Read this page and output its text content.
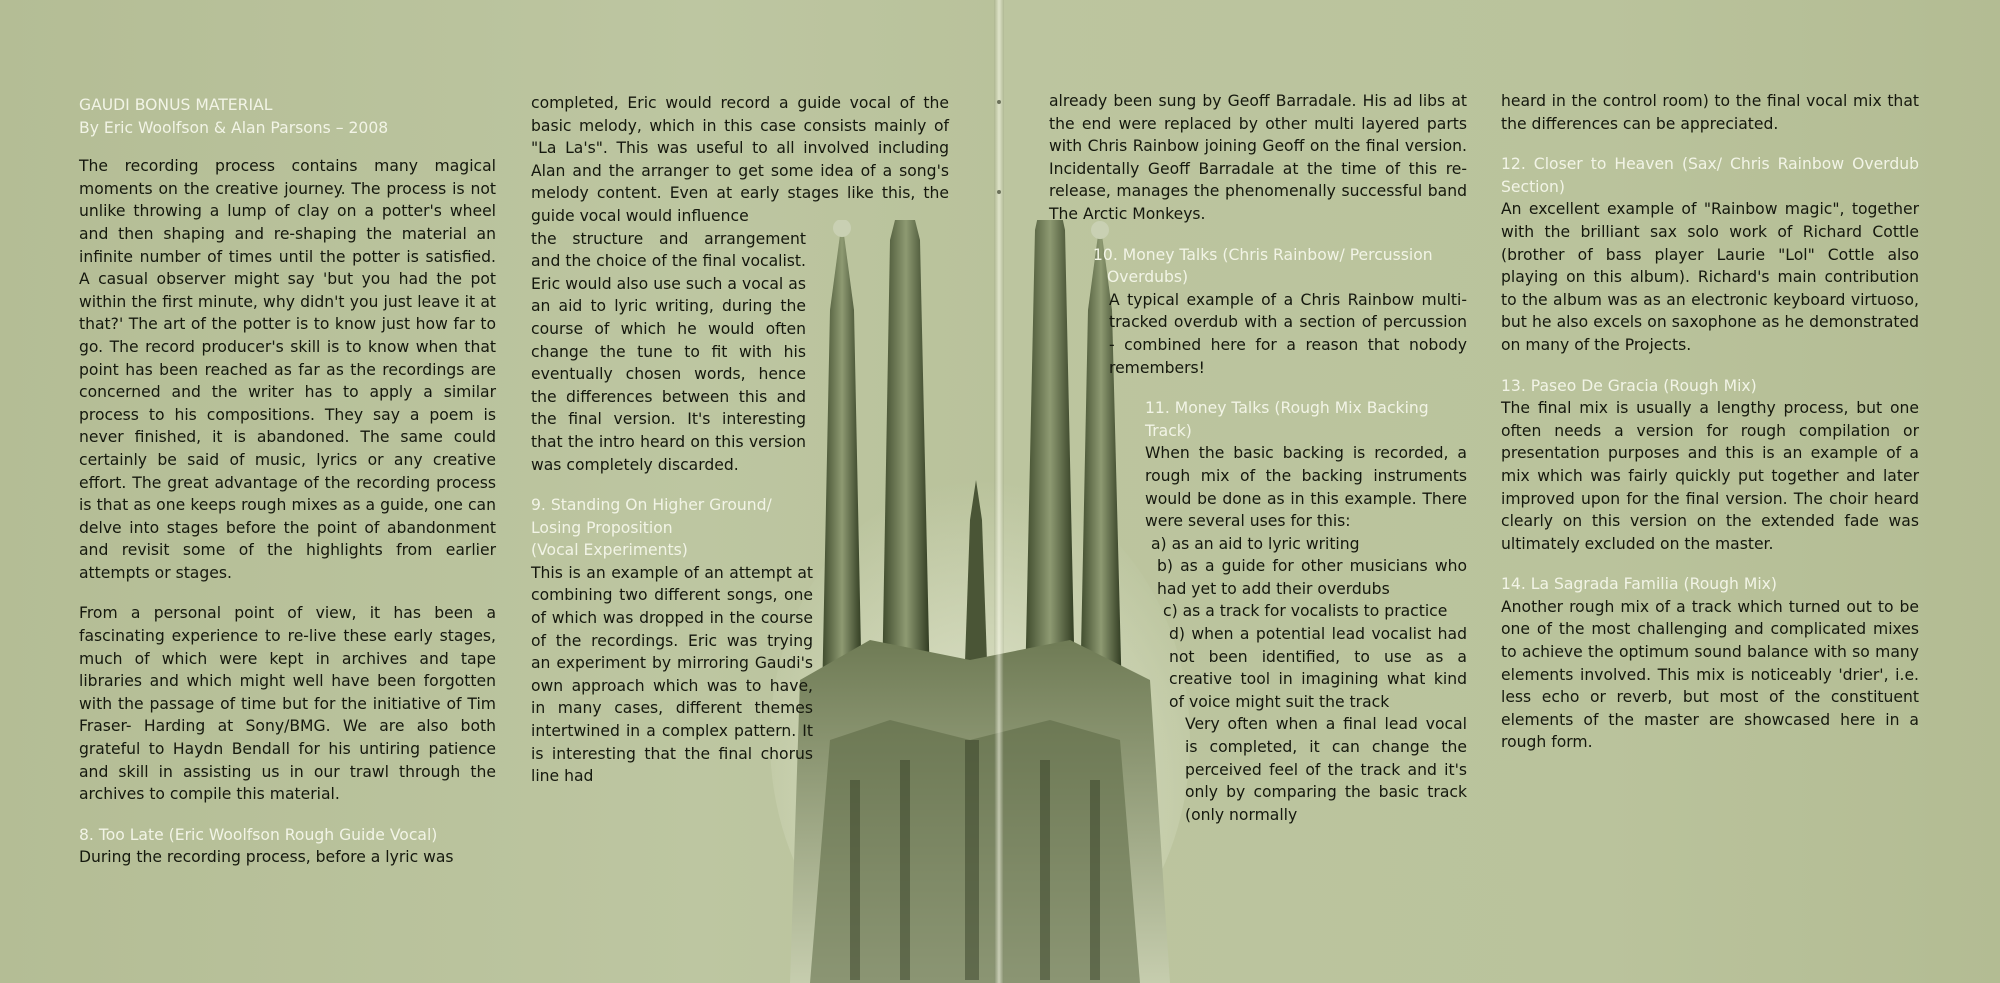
GAUDI BONUS MATERIAL
By Eric Woolfson & Alan Parsons – 2008

The recording process contains many magical moments on the creative journey. The process is not unlike throwing a lump of clay on a potter's wheel and then shaping and re-shaping the material an infinite number of times until the potter is satisfied. A casual observer might say 'but you had the pot within the first minute, why didn't you just leave it at that?' The art of the potter is to know just how far to go. The record producer's skill is to know when that point has been reached as far as the recordings are concerned and the writer has to apply a similar process to his compositions. They say a poem is never finished, it is abandoned. The same could certainly be said of music, lyrics or any creative effort. The great advantage of the recording process is that as one keeps rough mixes as a guide, one can delve into stages before the point of abandonment and revisit some of the highlights from earlier attempts or stages.

From a personal point of view, it has been a fascinating experience to re-live these early stages, much of which were kept in archives and tape libraries and which might well have been forgotten with the passage of time but for the initiative of Tim Fraser- Harding at Sony/BMG. We are also both grateful to Haydn Bendall for his untiring patience and skill in assisting us in our trawl through the archives to compile this material.

8. Too Late (Eric Woolfson Rough Guide Vocal)
During the recording process, before a lyric was
completed, Eric would record a guide vocal of the basic melody, which in this case consists mainly of "La La's". This was useful to all involved including Alan and the arranger to get some idea of a song's melody content. Even at early stages like this, the guide vocal would influence

the structure and arrangement and the choice of the final vocalist. Eric would also use such a vocal as an aid to lyric writing, during the course of which he would often change the tune to fit with his eventually chosen words, hence the differences between this and the final version. It's interesting that the intro heard on this version was completely discarded.

9. Standing On Higher Ground/
Losing Proposition
(Vocal Experiments)
This is an example of an attempt at combining two different songs, one of which was dropped in the course of the recordings. Eric was trying an experiment by mirroring Gaudi's own approach which was to have, in many cases, different themes intertwined in a complex pattern. It is interesting that the final chorus line had

already been sung by Geoff Barradale. His ad libs at the end were replaced by other multi layered parts with Chris Rainbow joining Geoff on the final version. Incidentally Geoff Barradale at the time of this re-release, manages the phenomenally successful band The Arctic Monkeys.

10. Money Talks (Chris Rainbow/ Percussion
Overdubs)

A typical example of a Chris Rainbow multi-tracked overdub with a section of percussion - combined here for a reason that nobody remembers!

11. Money Talks (Rough Mix Backing
Track)
When the basic backing is recorded, a rough mix of the backing instruments would be done as in this example. There were several uses for this:
a) as an aid to lyric writing
b) as a guide for other musicians who had yet to add their overdubs
c) as a track for vocalists to practice
d) when a potential lead vocalist had not been identified, to use as a creative tool in imagining what kind of voice might suit the track
Very often when a final lead vocal is completed, it can change the perceived feel of the track and it's only by comparing the basic track (only normally

heard in the control room) to the final vocal mix that the differences can be appreciated.

12. Closer to Heaven (Sax/ Chris Rainbow Overdub Section)

An excellent example of "Rainbow magic", together with the brilliant sax solo work of Richard Cottle (brother of bass player Laurie "Lol" Cottle also playing on this album). Richard's main contribution to the album was as an electronic keyboard virtuoso, but he also excels on saxophone as he demonstrated on many of the Projects.

13. Paseo De Gracia (Rough Mix)

The final mix is usually a lengthy process, but one often needs a version for rough compilation or presentation purposes and this is an example of a mix which was fairly quickly put together and later improved upon for the final version. The choir heard clearly on this version on the extended fade was ultimately excluded on the master.

14. La Sagrada Familia (Rough Mix)

Another rough mix of a track which turned out to be one of the most challenging and complicated mixes to achieve the optimum sound balance with so many elements involved. This mix is noticeably 'drier', i.e. less echo or reverb, but most of the constituent elements of the master are showcased here in a rough form.
